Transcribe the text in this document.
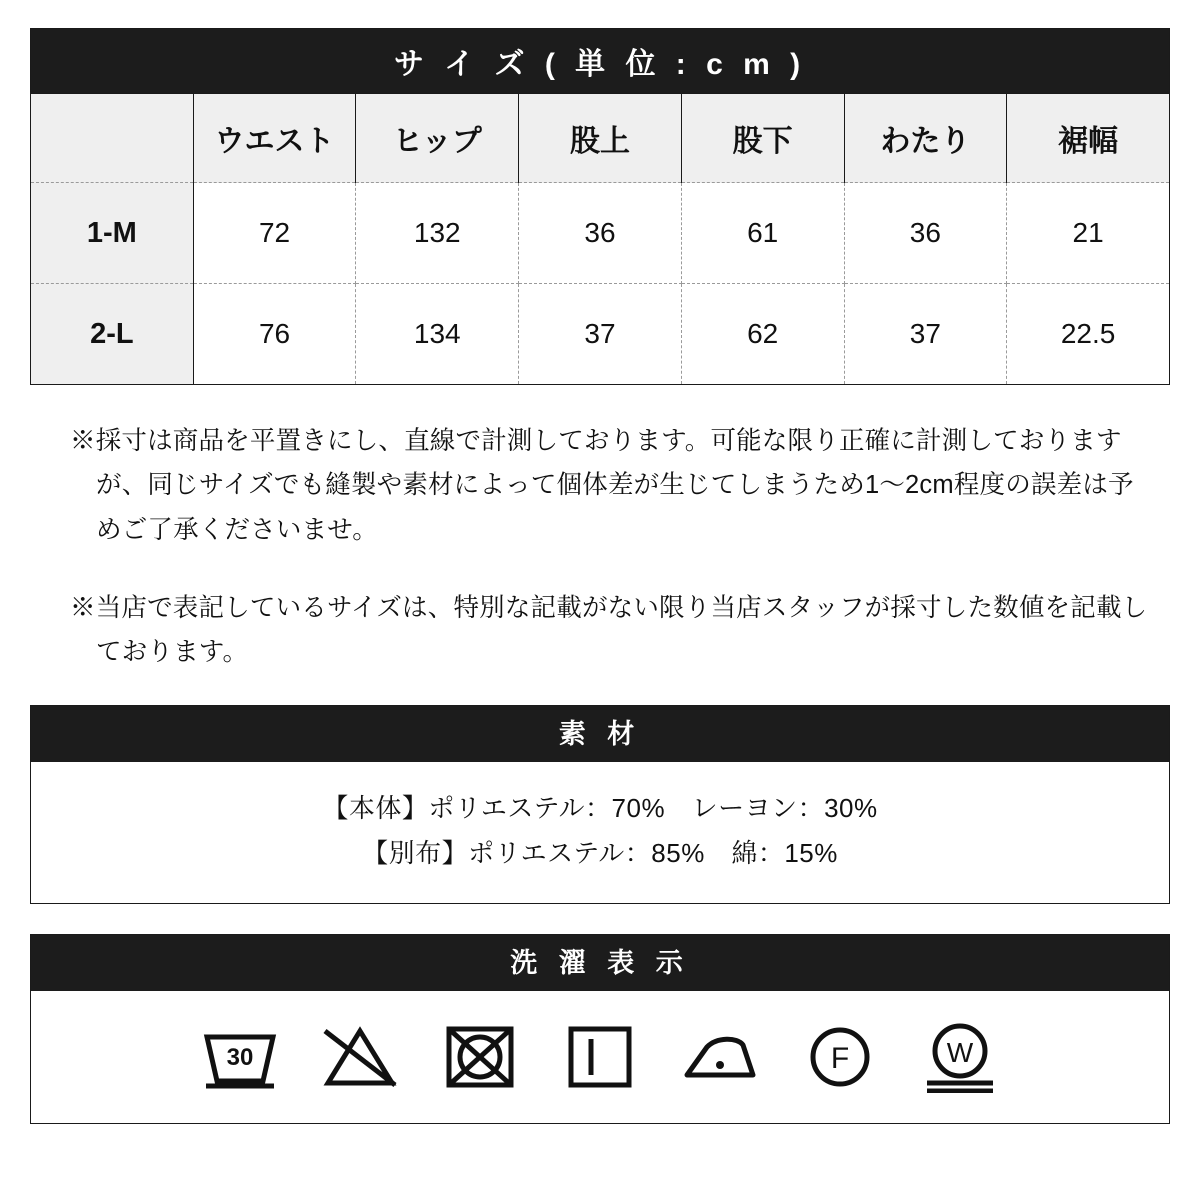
サ イ ズ ( 単 位 : c m )						
	ウエスト	ヒップ	股上	股下	わたり	裾幅
1-M	72	132	36	61	36	21
2-L	76	134	37	62	37	22.5

※採寸は商品を平置きにし、直線で計測しております。可能な限り正確に計測しておりますが、同じサイズでも縫製や素材によって個体差が生じてしまうため1〜2cm程度の誤差は予めご了承くださいませ。

※当店で表記しているサイズは、特別な記載がない限り当店スタッフが採寸した数値を記載しております。

素 材
【本体】ポリエステル：70%　レーヨン：30%
【別布】ポリエステル：85%　綿：15%
洗 濯 表 示
30	F	W
